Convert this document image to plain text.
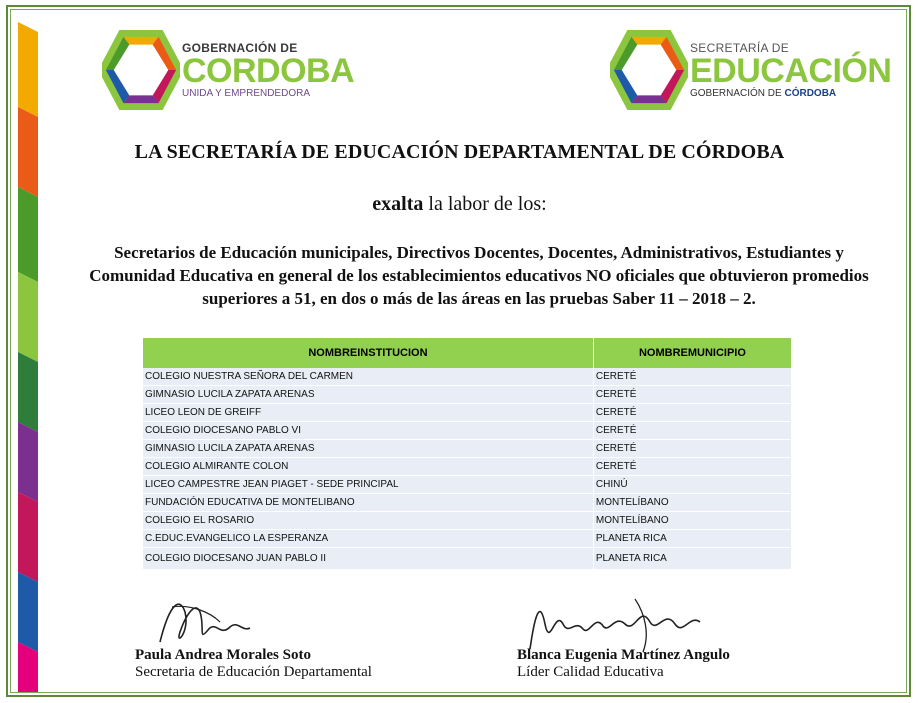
GOBERNACIÓN DE
CORDOBA
UNIDA Y EMPRENDEDORA
SECRETARÍA DE
EDUCACIÓN
GOBERNACIÓN DE CÓRDOBA
LA SECRETARÍA DE EDUCACIÓN DEPARTAMENTAL DE CÓRDOBA
exalta la labor de los:
Secretarios de Educación municipales, Directivos Docentes, Docentes, Administrativos, Estudiantes y Comunidad Educativa en general de los establecimientos educativos NO oficiales que obtuvieron promedios superiores a 51, en dos o más de las áreas en las pruebas Saber 11 – 2018 – 2.
NOMBREINSTITUCION	NOMBREMUNICIPIO
COLEGIO NUESTRA SEÑORA DEL CARMEN	CERETÉ
GIMNASIO LUCILA ZAPATA ARENAS	CERETÉ
LICEO LEON DE GREIFF	CERETÉ
COLEGIO DIOCESANO PABLO VI	CERETÉ
GIMNASIO LUCILA ZAPATA ARENAS	CERETÉ
COLEGIO ALMIRANTE COLON	CERETÉ
LICEO CAMPESTRE JEAN PIAGET - SEDE PRINCIPAL	CHINÚ
FUNDACIÓN EDUCATIVA DE MONTELIBANO	MONTELÍBANO
COLEGIO EL ROSARIO	MONTELÍBANO
C.EDUC.EVANGELICO LA ESPERANZA	PLANETA RICA
COLEGIO DIOCESANO JUAN PABLO II	PLANETA RICA
Paula Andrea Morales Soto
Secretaria de Educación Departamental
Blanca Eugenia Martínez Angulo
Líder Calidad Educativa
